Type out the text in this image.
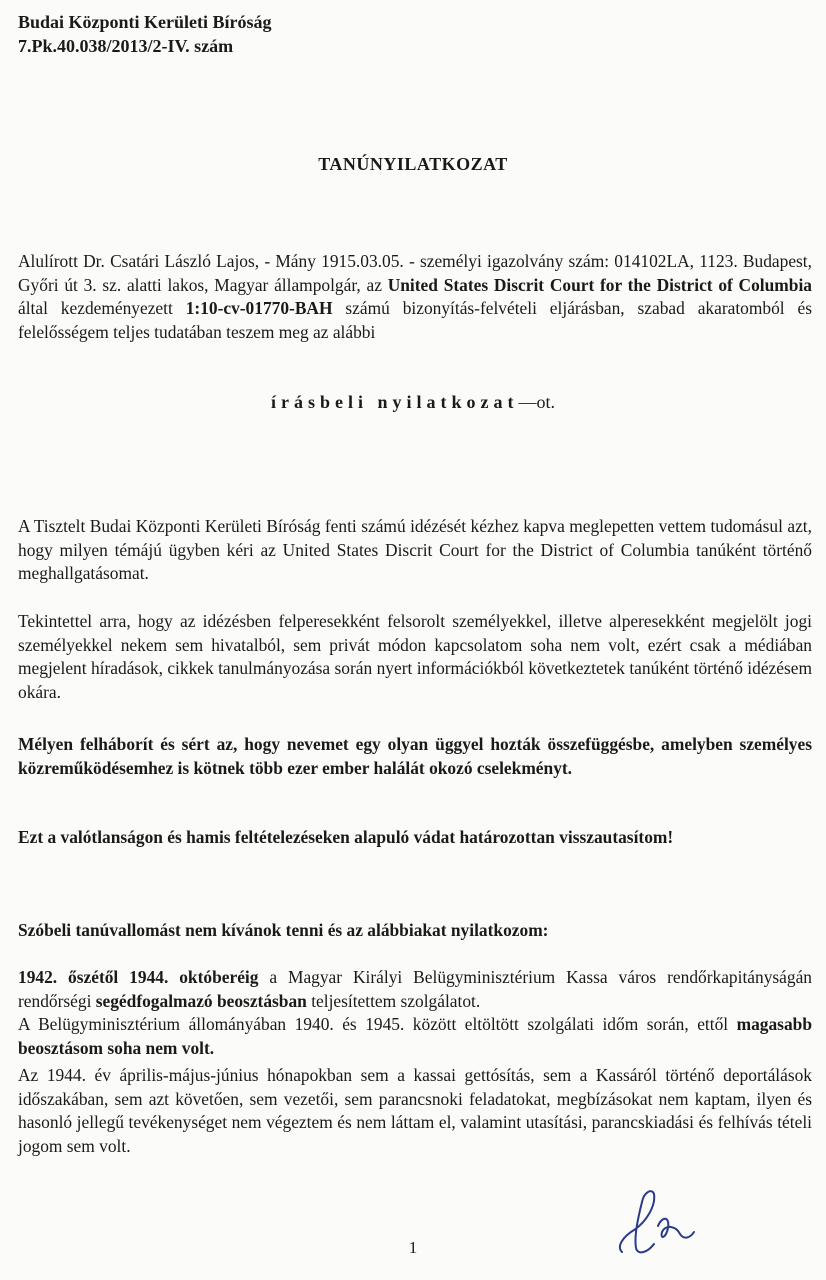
Budai Központi Kerületi Bíróság
7.Pk.40.038/2013/2-IV. szám
TANÚNYILATKOZAT

Alulírott Dr. Csatári László Lajos, - Mány 1915.03.05. - személyi igazolvány szám: 014102LA, 1123. Budapest, Győri út 3. sz. alatti lakos, Magyar állampolgár, az United States Discrit Court for the District of Columbia által kezdeményezett 1:10-cv-01770-BAH számú bizonyítás-felvételi eljárásban, szabad akaratomból és felelősségem teljes tudatában teszem meg az alábbi

írásbeli nyilatkozat—ot.

A Tisztelt Budai Központi Kerületi Bíróság fenti számú idézését kézhez kapva meglepetten vettem tudomásul azt, hogy milyen témájú ügyben kéri az United States Discrit Court for the District of Columbia tanúként történő meghallgatásomat.

Tekintettel arra, hogy az idézésben felperesekként felsorolt személyekkel, illetve alperesekként megjelölt jogi személyekkel nekem sem hivatalból, sem privát módon kapcsolatom soha nem volt, ezért csak a médiában megjelent híradások, cikkek tanulmányozása során nyert információkból következtetek tanúként történő idézésem okára.

Mélyen felháborít és sért az, hogy nevemet egy olyan üggyel hozták összefüggésbe, amelyben személyes közreműködésemhez is kötnek több ezer ember halálát okozó cselekményt.

Ezt a valótlanságon és hamis feltételezéseken alapuló vádat határozottan visszautasítom!

Szóbeli tanúvallomást nem kívánok tenni és az alábbiakat nyilatkozom:

1942. őszétől 1944. októberéig a Magyar Királyi Belügyminisztérium Kassa város rendőrkapitányságán rendőrségi segédfogalmazó beosztásban teljesítettem szolgálatot.
A Belügyminisztérium állományában 1940. és 1945. között eltöltött szolgálati időm során, ettől magasabb beosztásom soha nem volt.

Az 1944. év április-május-június hónapokban sem a kassai gettósítás, sem a Kassáról történő deportálások időszakában, sem azt követően, sem vezetői, sem parancsnoki feladatokat, megbízásokat nem kaptam, ilyen és hasonló jellegű tevékenységet nem végeztem és nem láttam el, valamint utasítási, parancskiadási és felhívás tételi jogom sem volt.

1
